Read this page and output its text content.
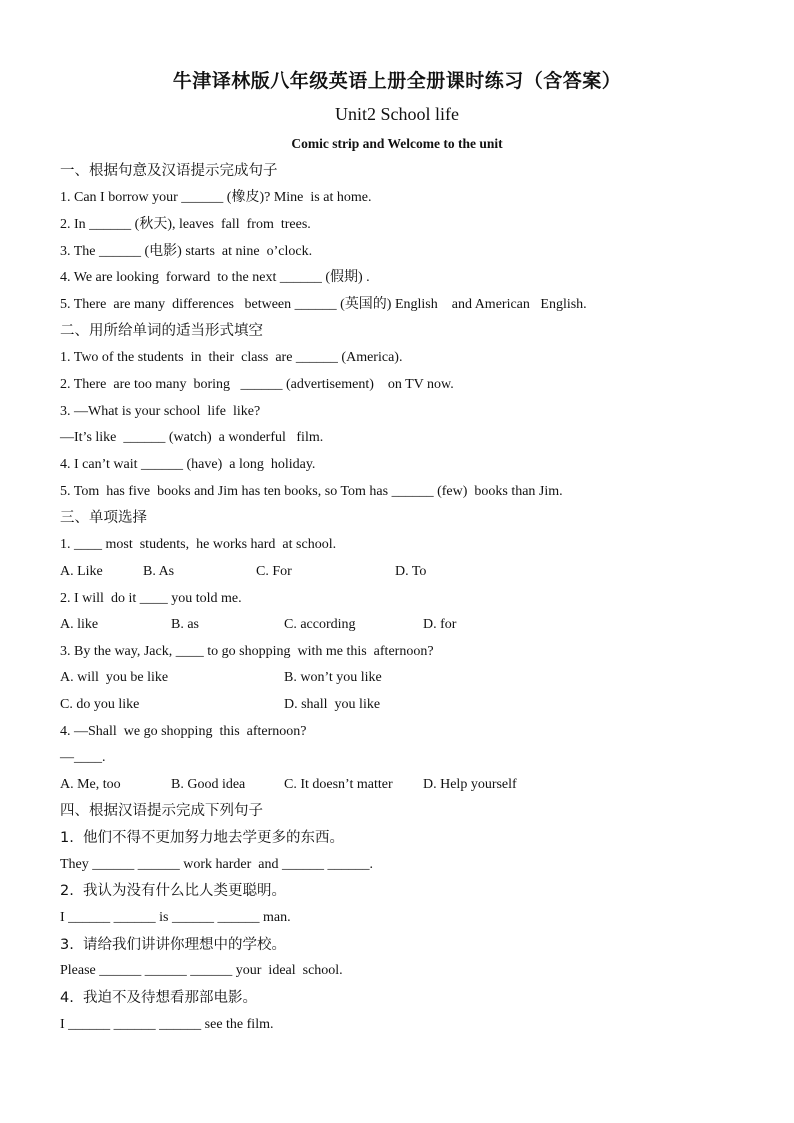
牛津译林版八年级英语上册全册课时练习（含答案）
Unit2 School life
Comic strip and Welcome to the unit
一、根据句意及汉语提示完成句子
1. Can I borrow your ______ (橡皮)? Mine  is at home.
2. In ______ (秋天), leaves  fall  from  trees.
3. The ______ (电影) starts  at nine  o’clock.
4. We are looking  forward  to the next ______ (假期) .
5. There  are many  differences   between ______ (英国的) English    and American   English.
二、用所给单词的适当形式填空
1. Two of the students  in  their  class  are ______ (America).
2. There  are too many  boring   ______ (advertisement)    on TV now.
3. —What is your school  life  like?
—It’s like  ______ (watch)  a wonderful   film.
4. I can’t wait ______ (have)  a long  holiday.
5. Tom  has five  books and Jim has ten books, so Tom has ______ (few)  books than Jim.
三、单项选择
1. ____ most  students,  he works hard  at school.
A. Like	B. As	C. For	D. To
2. I will  do it ____ you told me.
A. like	B. as	C. according	D. for
3. By the way, Jack, ____ to go shopping  with me this  afternoon?
A. will  you be like	B. won’t you like
C. do you like	D. shall  you like
4. —Shall  we go shopping  this  afternoon?
—____.
A. Me, too	B. Good idea	C. It doesn’t matter D. Help yourself
四、根据汉语提示完成下列句子
1.  他们不得不更加努力地去学更多的东西。
They ______ ______ work harder  and ______ ______.
2.  我认为没有什么比人类更聪明。
I ______ ______ is ______ ______ man.
3.  请给我们讲讲你理想中的学校。
Please ______ ______ ______ your  ideal  school.
4.  我迫不及待想看那部电影。
I ______ ______ ______ see the film.
